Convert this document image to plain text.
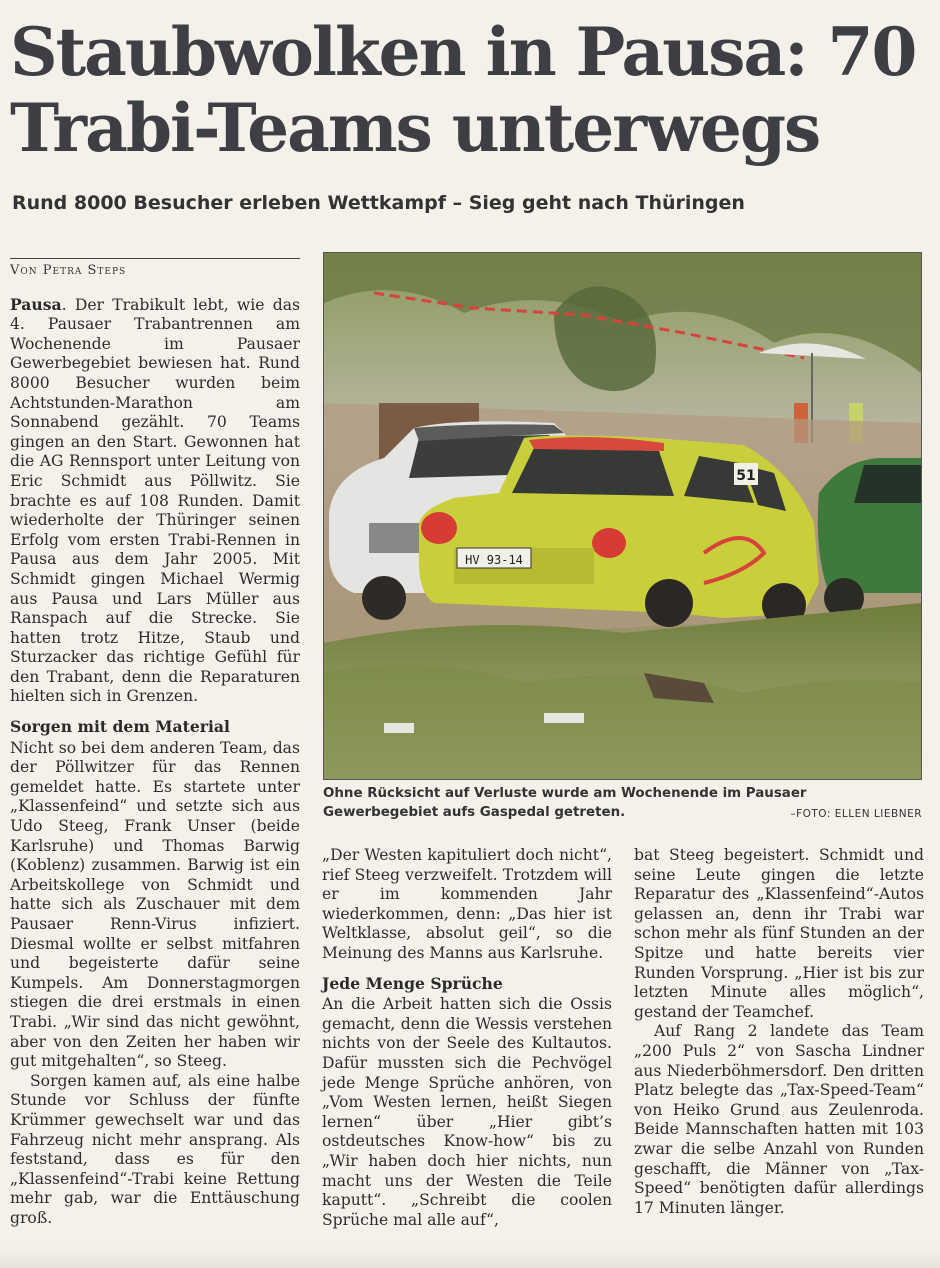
Staubwolken in Pausa: 70 Trabi-Teams unterwegs
Rund 8000 Besucher erleben Wettkampf – Sieg geht nach Thüringen
Von Petra Steps

Pausa. Der Trabikult lebt, wie das 4. Pausaer Trabantrennen am Wochenende im Pausaer Gewerbegebiet bewiesen hat. Rund 8000 Besucher wurden beim Achtstunden-Marathon am Sonnabend gezählt. 70 Teams gingen an den Start. Gewonnen hat die AG Rennsport unter Leitung von Eric Schmidt aus Pöllwitz. Sie brachte es auf 108 Runden. Damit wiederholte der Thüringer seinen Erfolg vom ersten Trabi-Rennen in Pausa aus dem Jahr 2005. Mit Schmidt gingen Michael Wermig aus Pausa und Lars Müller aus Ranspach auf die Strecke. Sie hatten trotz Hitze, Staub und Sturzacker das richtige Gefühl für den Trabant, denn die Reparaturen hielten sich in Grenzen.

Sorgen mit dem Material

Nicht so bei dem anderen Team, das der Pöllwitzer für das Rennen gemeldet hatte. Es startete unter „Klassenfeind“ und setzte sich aus Udo Steeg, Frank Unser (beide Karlsruhe) und Thomas Barwig (Koblenz) zusammen. Barwig ist ein Arbeitskollege von Schmidt und hatte sich als Zuschauer mit dem Pausaer Renn-Virus infiziert. Diesmal wollte er selbst mitfahren und begeisterte dafür seine Kumpels. Am Donnerstagmorgen stiegen die drei erstmals in einen Trabi. „Wir sind das nicht gewöhnt, aber von den Zeiten her haben wir gut mitgehalten“, so Steeg.

Sorgen kamen auf, als eine halbe Stunde vor Schluss der fünfte Krümmer gewechselt war und das Fahrzeug nicht mehr ansprang. Als feststand, dass es für den „Klassenfeind“-Trabi keine Rettung mehr gab, war die Enttäuschung groß.

HV 93-14
51

Ohne Rücksicht auf Verluste wurde am Wochenende im Pausaer Gewerbegebiet aufs Gaspedal getreten.	–FOTO: ELLEN LIEBNER

„Der Westen kapituliert doch nicht“, rief Steeg verzweifelt. Trotzdem will er im kommenden Jahr wiederkommen, denn: „Das hier ist Weltklasse, absolut geil“, so die Meinung des Manns aus Karlsruhe.

Jede Menge Sprüche

An die Arbeit hatten sich die Ossis gemacht, denn die Wessis verstehen nichts von der Seele des Kultautos. Dafür mussten sich die Pechvögel jede Menge Sprüche anhören, von „Vom Westen lernen, heißt Siegen lernen“ über „Hier gibt’s ostdeutsches Know-how“ bis zu „Wir haben doch hier nichts, nun macht uns der Westen die Teile kaputt“. „Schreibt die coolen Sprüche mal alle auf“,

bat Steeg begeistert. Schmidt und seine Leute gingen die letzte Reparatur des „Klassenfeind“-Autos gelassen an, denn ihr Trabi war schon mehr als fünf Stunden an der Spitze und hatte bereits vier Runden Vorsprung. „Hier ist bis zur letzten Minute alles möglich“, gestand der Teamchef.

Auf Rang 2 landete das Team „200 Puls 2“ von Sascha Lindner aus Niederböhmersdorf. Den dritten Platz belegte das „Tax-Speed-Team“ von Heiko Grund aus Zeulenroda. Beide Mannschaften hatten mit 103 zwar die selbe Anzahl von Runden geschafft, die Männer von „Tax-Speed“ benötigten dafür allerdings 17 Minuten länger.
